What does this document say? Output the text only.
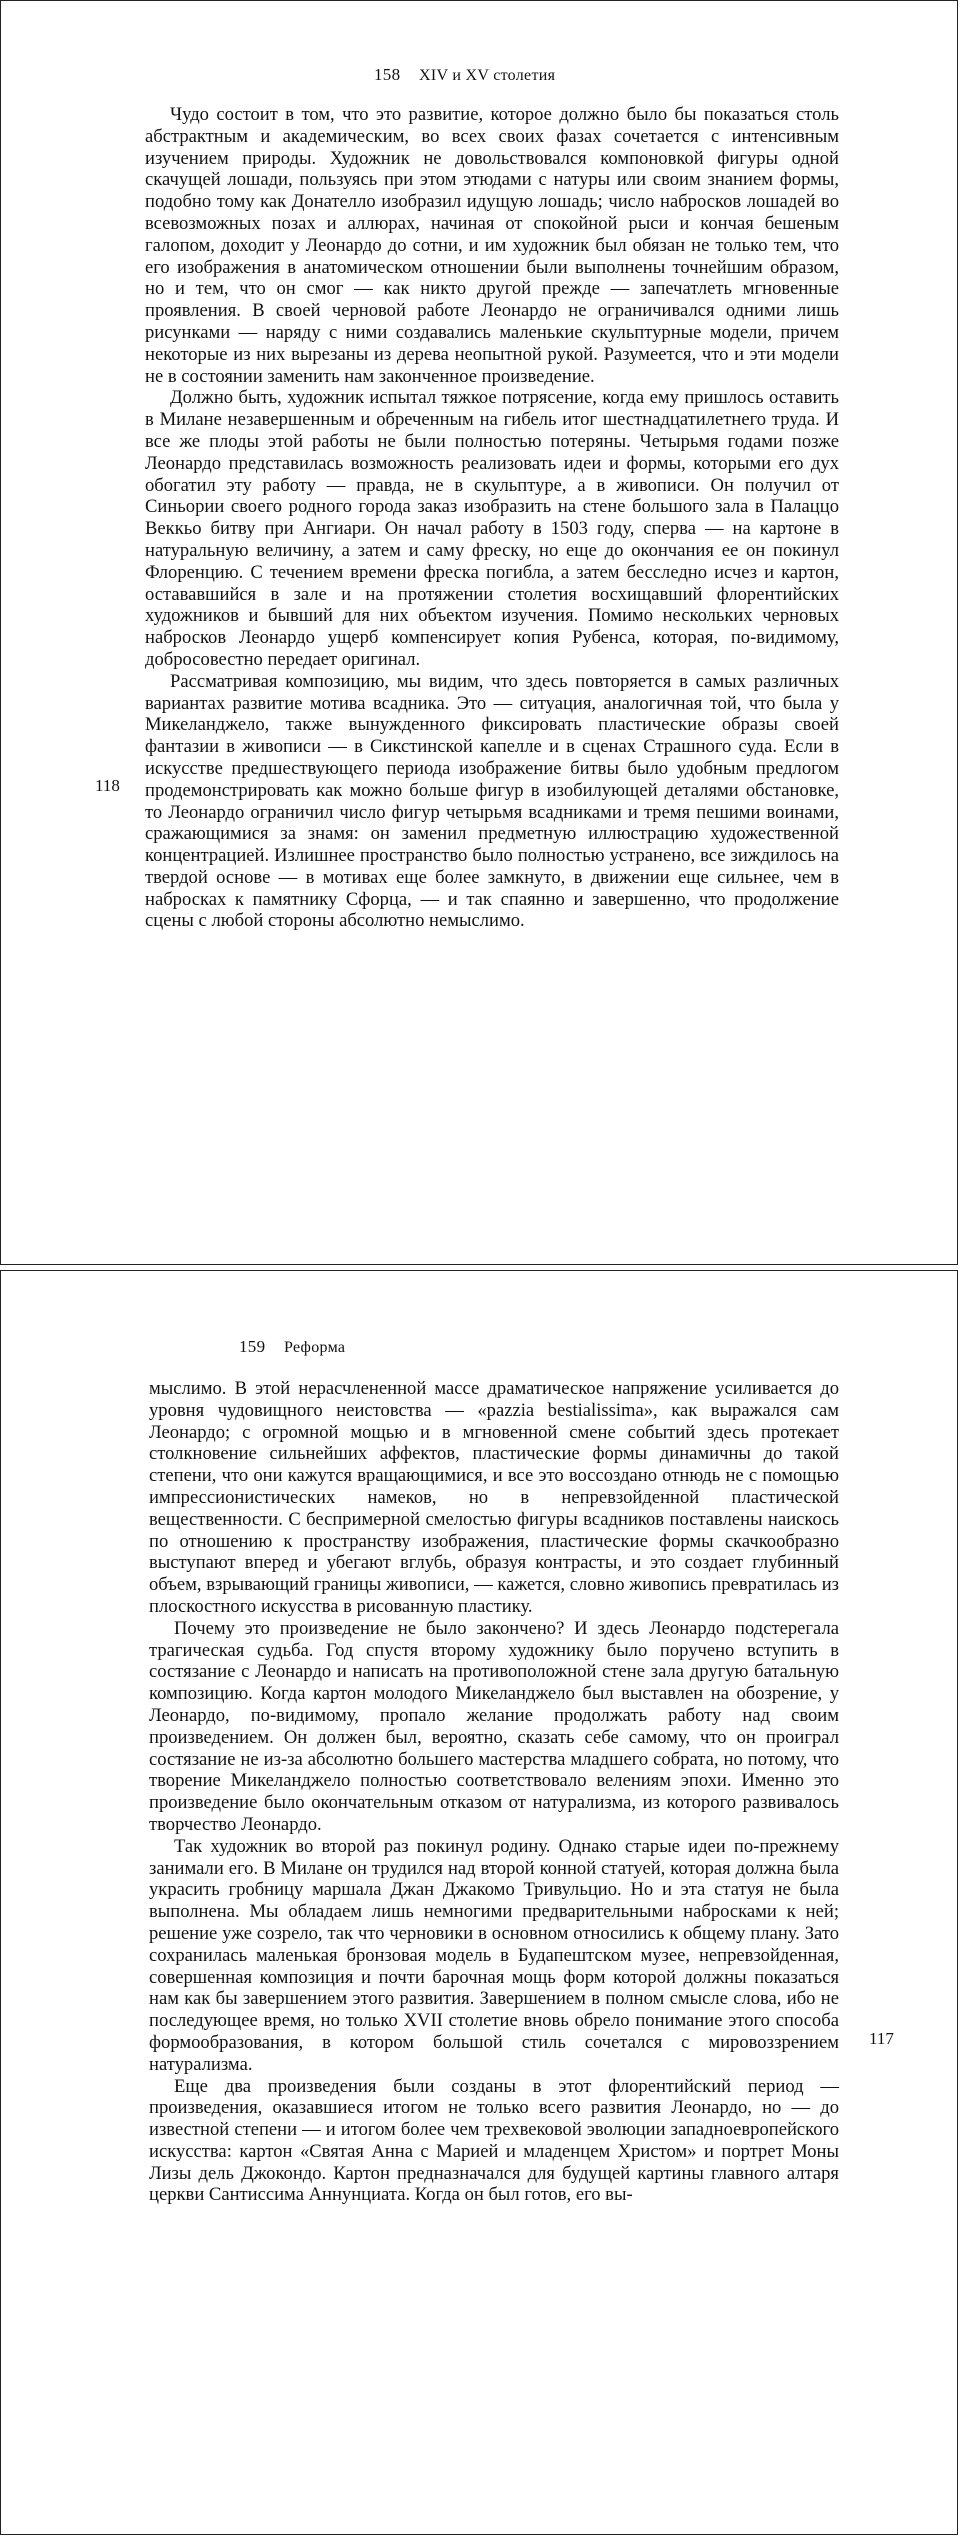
158 XIV и XV столетия

Чудо состоит в том, что это развитие, которое должно было бы показаться столь абстрактным и академическим, во всех своих фазах сочетается с интенсивным изучением природы. Художник не довольствовался компоновкой фигуры одной скачущей лошади, пользуясь при этом этюдами с натуры или своим знанием формы, подобно тому как Донателло изобразил идущую лошадь; число набросков лошадей во всевозможных позах и аллюрах, начиная от спокойной рыси и кончая бешеным галопом, доходит у Леонардо до сотни, и им художник был обязан не только тем, что его изображения в анатомическом отношении были выполнены точнейшим образом, но и тем, что он смог — как никто другой прежде — запечатлеть мгновенные проявления. В своей черновой работе Леонардо не ограничивался одними лишь рисунками — наряду с ними создавались маленькие скульптурные модели, причем некоторые из них вырезаны из дерева неопытной рукой. Разумеется, что и эти модели не в состоянии заменить нам законченное произведение.

Должно быть, художник испытал тяжкое потрясение, когда ему пришлось оставить в Милане незавершенным и обреченным на гибель итог шестнадцатилетнего труда. И все же плоды этой работы не были полностью потеряны. Четырьмя годами позже Леонардо представилась возможность реализовать идеи и формы, которыми его дух обогатил эту работу — правда, не в скульптуре, а в живописи. Он получил от Синьории своего родного города заказ изобразить на стене большого зала в Палаццо Веккьо битву при Ангиари. Он начал работу в 1503 году, сперва — на картоне в натуральную величину, а затем и саму фреску, но еще до окончания ее он покинул Флоренцию. С течением времени фреска погибла, а затем бесследно исчез и картон, остававшийся в зале и на протяжении столетия восхищавший флорентийских художников и бывший для них объектом изучения. Помимо нескольких черновых набросков Леонардо ущерб компенсирует копия Рубенса, которая, по-видимому, добросовестно передает оригинал.

Рассматривая композицию, мы видим, что здесь повторяется в самых различных вариантах развитие мотива всадника. Это — ситуация, аналогичная той, что была у Микеланджело, также вынужденного фиксировать пластические образы своей фантазии в живописи — в Сикстинской капелле и в сценах Страшного суда. Если в искусстве предшествующего периода изображение битвы было удобным предлогом продемонстрировать как можно больше фигур в изобилующей деталями обстановке, то Леонардо ограничил число фигур четырьмя всадниками и тремя пешими воинами, сражающимися за знамя: он заменил предметную иллюстрацию художественной концентрацией. Излишнее пространство было полностью устранено, все зиждилось на твердой основе — в мотивах еще более замкнуто, в движении еще сильнее, чем в набросках к памятнику Сфорца, — и так спаянно и завершенно, что продолжение сцены с любой стороны абсолютно немыслимо.

118
159 Реформа

мыслимо. В этой нерасчлененной массе драматическое напряжение усиливается до уровня чудовищного неистовства — «pazzia bestialissima», как выражался сам Леонардо; с огромной мощью и в мгновенной смене событий здесь протекает столкновение сильнейших аффектов, пластические формы динамичны до такой степени, что они кажутся вращающимися, и все это воссоздано отнюдь не с помощью импрессионистических намеков, но в непревзойденной пластической вещественности. С беспримерной смелостью фигуры всадников поставлены наискось по отношению к пространству изображения, пластические формы скачкообразно выступают вперед и убегают вглубь, образуя контрасты, и это создает глубинный объем, взрывающий границы живописи, — кажется, словно живопись превратилась из плоскостного искусства в рисованную пластику.

Почему это произведение не было закончено? И здесь Леонардо подстерегала трагическая судьба. Год спустя второму художнику было поручено вступить в состязание с Леонардо и написать на противоположной стене зала другую батальную композицию. Когда картон молодого Микеланджело был выставлен на обозрение, у Леонардо, по-видимому, пропало желание продолжать работу над своим произведением. Он должен был, вероятно, сказать себе самому, что он проиграл состязание не из-за абсолютно большего мастерства младшего собрата, но потому, что творение Микеланджело полностью соответствовало велениям эпохи. Именно это произведение было окончательным отказом от натурализма, из которого развивалось творчество Леонардо.

Так художник во второй раз покинул родину. Однако старые идеи по-прежнему занимали его. В Милане он трудился над второй конной статуей, которая должна была украсить гробницу маршала Джан Джакомо Тривульцио. Но и эта статуя не была выполнена. Мы обладаем лишь немногими предварительными набросками к ней; решение уже созрело, так что черновики в основном относились к общему плану. Зато сохранилась маленькая бронзовая модель в Будапештском музее, непревзойденная, совершенная композиция и почти барочная мощь форм которой должны показаться нам как бы завершением этого развития. Завершением в полном смысле слова, ибо не последующее время, но только XVII столетие вновь обрело понимание этого способа формообразования, в котором большой стиль сочетался с мировоззрением натурализма.

Еще два произведения были созданы в этот флорентийский период — произведения, оказавшиеся итогом не только всего развития Леонардо, но — до известной степени — и итогом более чем трехвековой эволюции западноевропейского искусства: картон «Святая Анна с Марией и младенцем Христом» и портрет Моны Лизы дель Джокондо. Картон предназначался для будущей картины главного алтаря церкви Сантиссима Аннунциата. Когда он был готов, его вы-

117
